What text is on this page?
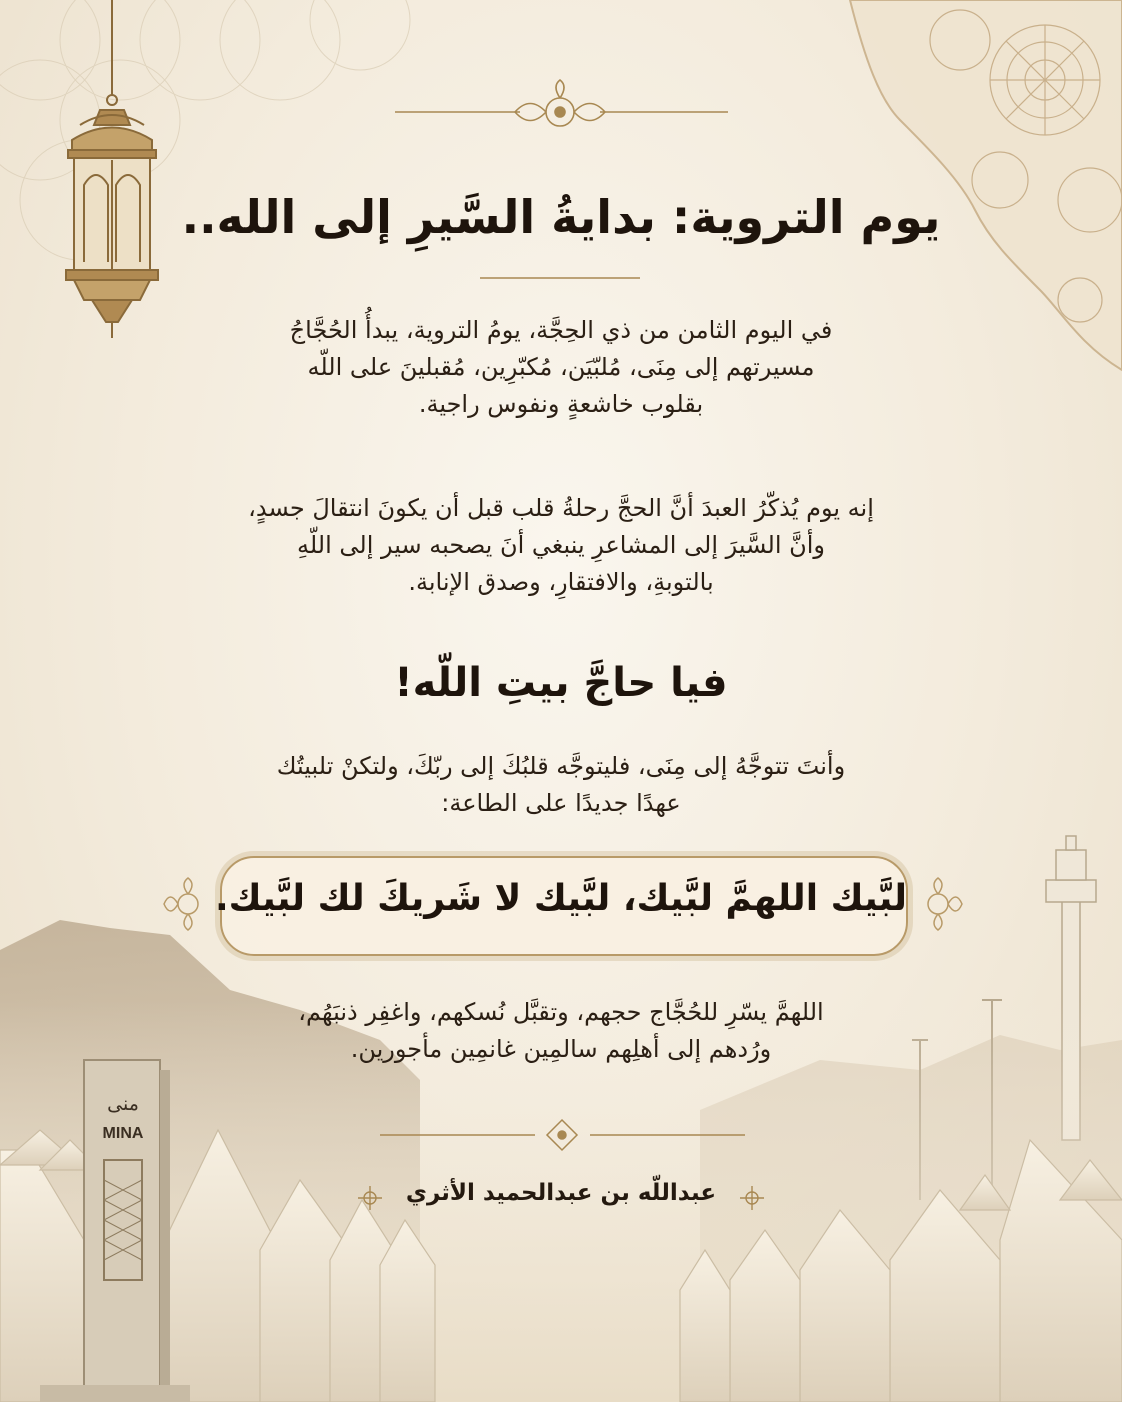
يوم التروية: بدايةُ السَّيرِ إلى الله..
في اليوم الثامن من ذي الحِجَّة، يومُ التروية، يبدأُ الحُجَّاجُ
مسيرتهم إلى مِنَى، مُلبّيَن، مُكبّرِين، مُقبلينَ على اللّه
بقلوب خاشعةٍ ونفوس راجية.
إنه يوم يُذكّرُ العبدَ أنَّ الحجَّ رحلةُ قلب قبل أن يكونَ انتقالَ جسدٍ،
وأنَّ السَّيرَ إلى المشاعرِ ينبغي أنَ يصحبه سير إلى اللّهِ
بالتوبةِ، والافتقارِ، وصدق الإنابة.
فيا حاجَّ بيتِ اللّه!
وأنتَ تتوجَّهُ إلى مِنَى، فليتوجَّه قلبُكَ إلى ربّكَ، ولتكنْ تلبيتُك
عهدًا جديدًا على الطاعة:
لبَّيك اللهمَّ لبَّيك، لبَّيك لا شَريكَ لك لبَّيك.
اللهمَّ يسّرِ للحُجَّاج حجهم، وتقبَّل نُسكهم، واغفِر ذنبَهُم،
ورُدهم إلى أهلِهم سالمِين غانمِين مأجورين.
عبداللّه بن عبدالحميد الأثري
منى
MINA
